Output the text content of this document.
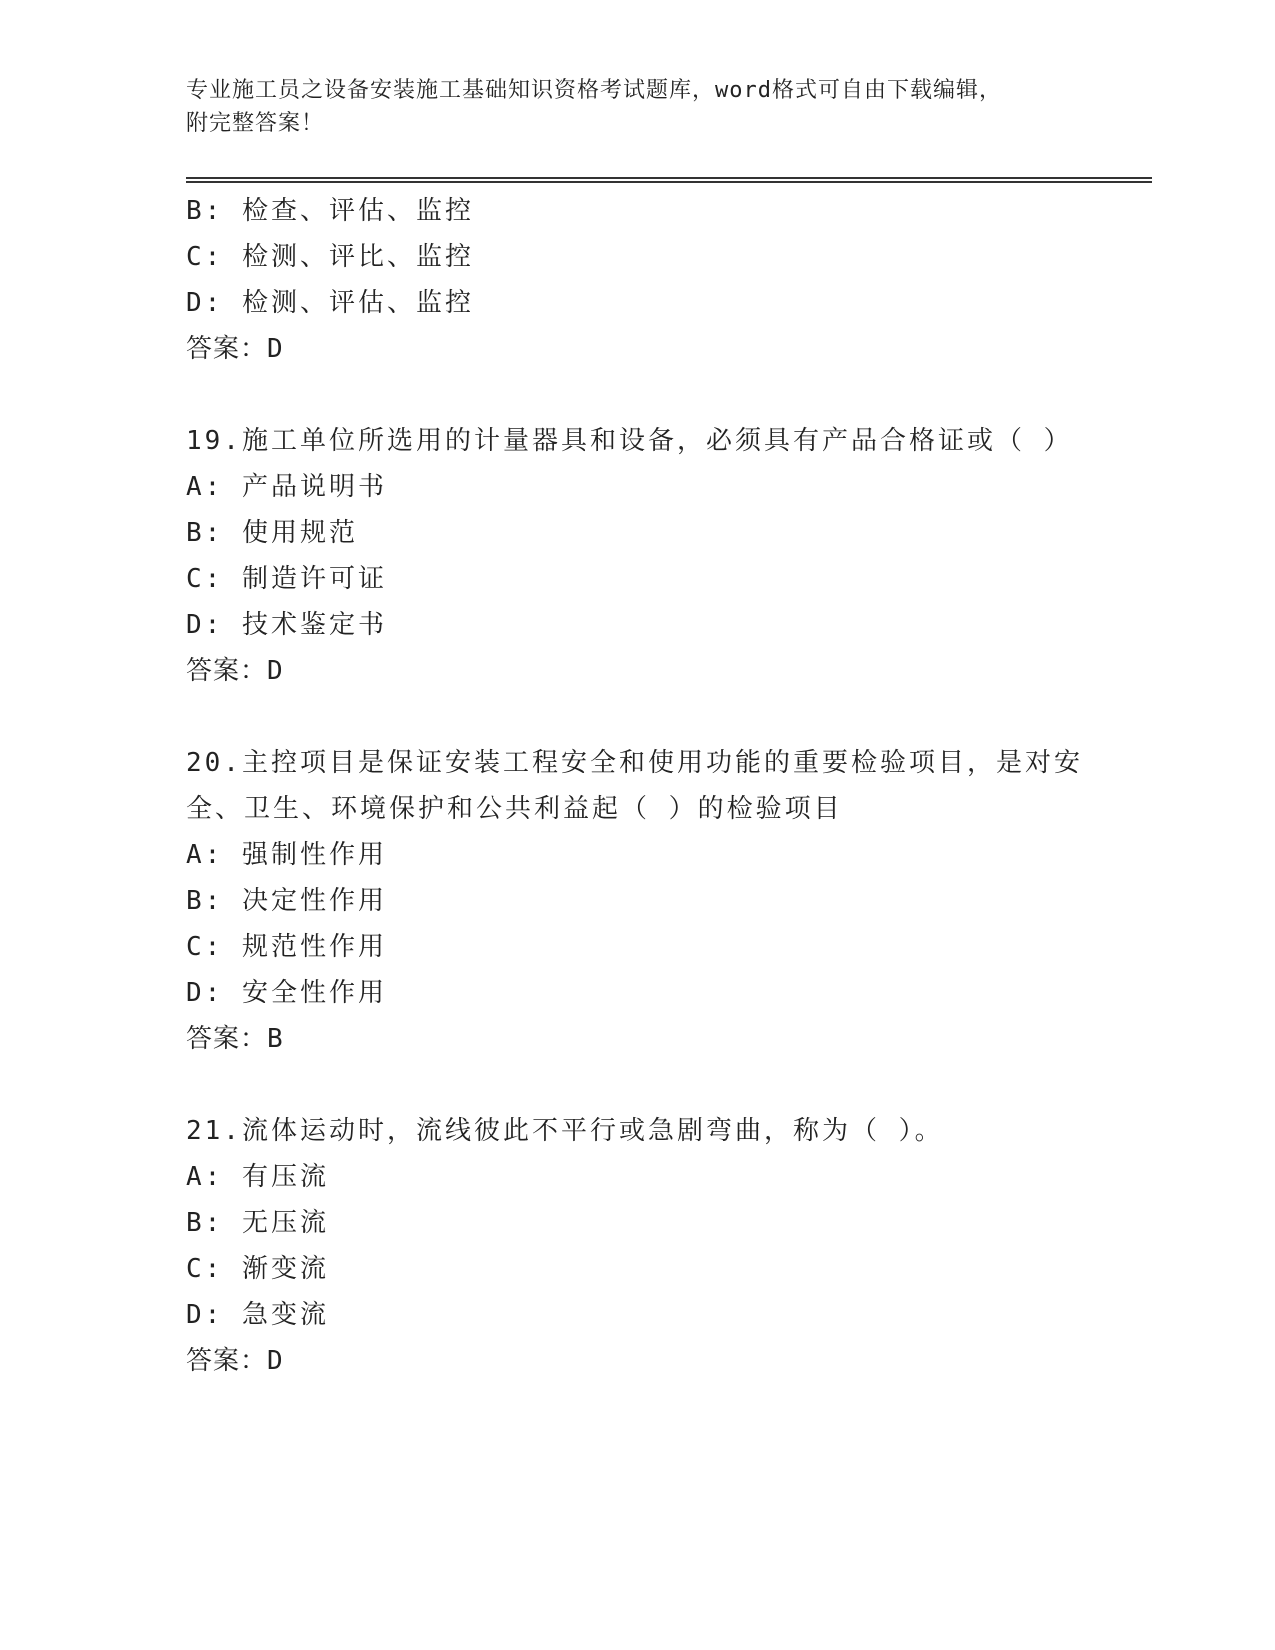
专业施工员之设备安装施工基础知识资格考试题库，word格式可自由下载编辑，
附完整答案！
B: 检查、评估、监控
C: 检测、评比、监控
D: 检测、评估、监控
答案：D
19.施工单位所选用的计量器具和设备，必须具有产品合格证或（ ）
A: 产品说明书
B: 使用规范
C: 制造许可证
D: 技术鉴定书
答案：D
20.主控项目是保证安装工程安全和使用功能的重要检验项目，是对安
全、卫生、环境保护和公共利益起（ ）的检验项目
A: 强制性作用
B: 决定性作用
C: 规范性作用
D: 安全性作用
答案：B
21.流体运动时，流线彼此不平行或急剧弯曲，称为（ ）。
A: 有压流
B: 无压流
C: 渐变流
D: 急变流
答案：D
